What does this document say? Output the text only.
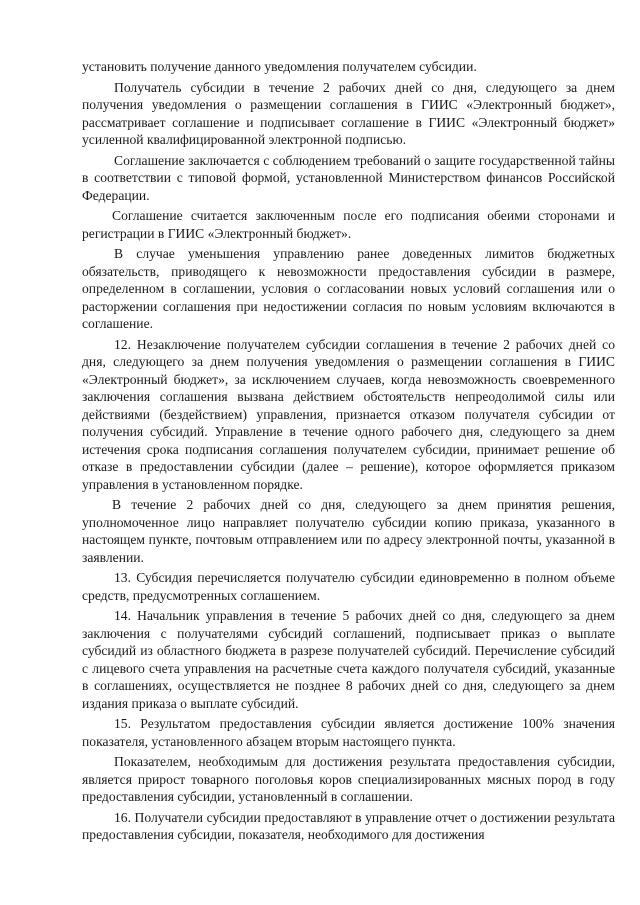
установить получение данного уведомления получателем субсидии.

Получатель субсидии в течение 2 рабочих дней со дня, следующего за днем получения уведомления о размещении соглашения в ГИИС «Электронный бюджет», рассматривает соглашение и подписывает соглашение в ГИИС «Электронный бюджет» усиленной квалифицированной электронной подписью.

Соглашение заключается с соблюдением требований о защите государственной тайны в соответствии с типовой формой, установленной Министерством финансов Российской Федерации.

Соглашение считается заключенным после его подписания обеими сторонами и регистрации в ГИИС «Электронный бюджет».

В случае уменьшения управлению ранее доведенных лимитов бюджетных обязательств, приводящего к невозможности предоставления субсидии в размере, определенном в соглашении, условия о согласовании новых условий соглашения или о расторжении соглашения при недостижении согласия по новым условиям включаются в соглашение.

12. Незаключение получателем субсидии соглашения в течение 2 рабочих дней со дня, следующего за днем получения уведомления о размещении соглашения в ГИИС «Электронный бюджет», за исключением случаев, когда невозможность своевременного заключения соглашения вызвана действием обстоятельств непреодолимой силы или действиями (бездействием) управления, признается отказом получателя субсидии от получения субсидий. Управление в течение одного рабочего дня, следующего за днем истечения срока подписания соглашения получателем субсидии, принимает решение об отказе в предоставлении субсидии (далее – решение), которое оформляется приказом управления в установленном порядке.

В течение 2 рабочих дней со дня, следующего за днем принятия решения, уполномоченное лицо направляет получателю субсидии копию приказа, указанного в настоящем пункте, почтовым отправлением или по адресу электронной почты, указанной в заявлении.

13. Субсидия перечисляется получателю субсидии единовременно в полном объеме средств, предусмотренных соглашением.

14. Начальник управления в течение 5 рабочих дней со дня, следующего за днем заключения с получателями субсидий соглашений, подписывает приказ о выплате субсидий из областного бюджета в разрезе получателей субсидий. Перечисление субсидий с лицевого счета управления на расчетные счета каждого получателя субсидий, указанные в соглашениях, осуществляется не позднее 8 рабочих дней со дня, следующего за днем издания приказа о выплате субсидий.

15. Результатом предоставления субсидии является достижение 100% значения показателя, установленного абзацем вторым настоящего пункта.

Показателем, необходимым для достижения результата предоставления субсидии, является прирост товарного поголовья коров специализированных мясных пород в году предоставления субсидии, установленный в соглашении.

16. Получатели субсидии предоставляют в управление отчет о достижении результата предоставления субсидии, показателя, необходимого для достижения
